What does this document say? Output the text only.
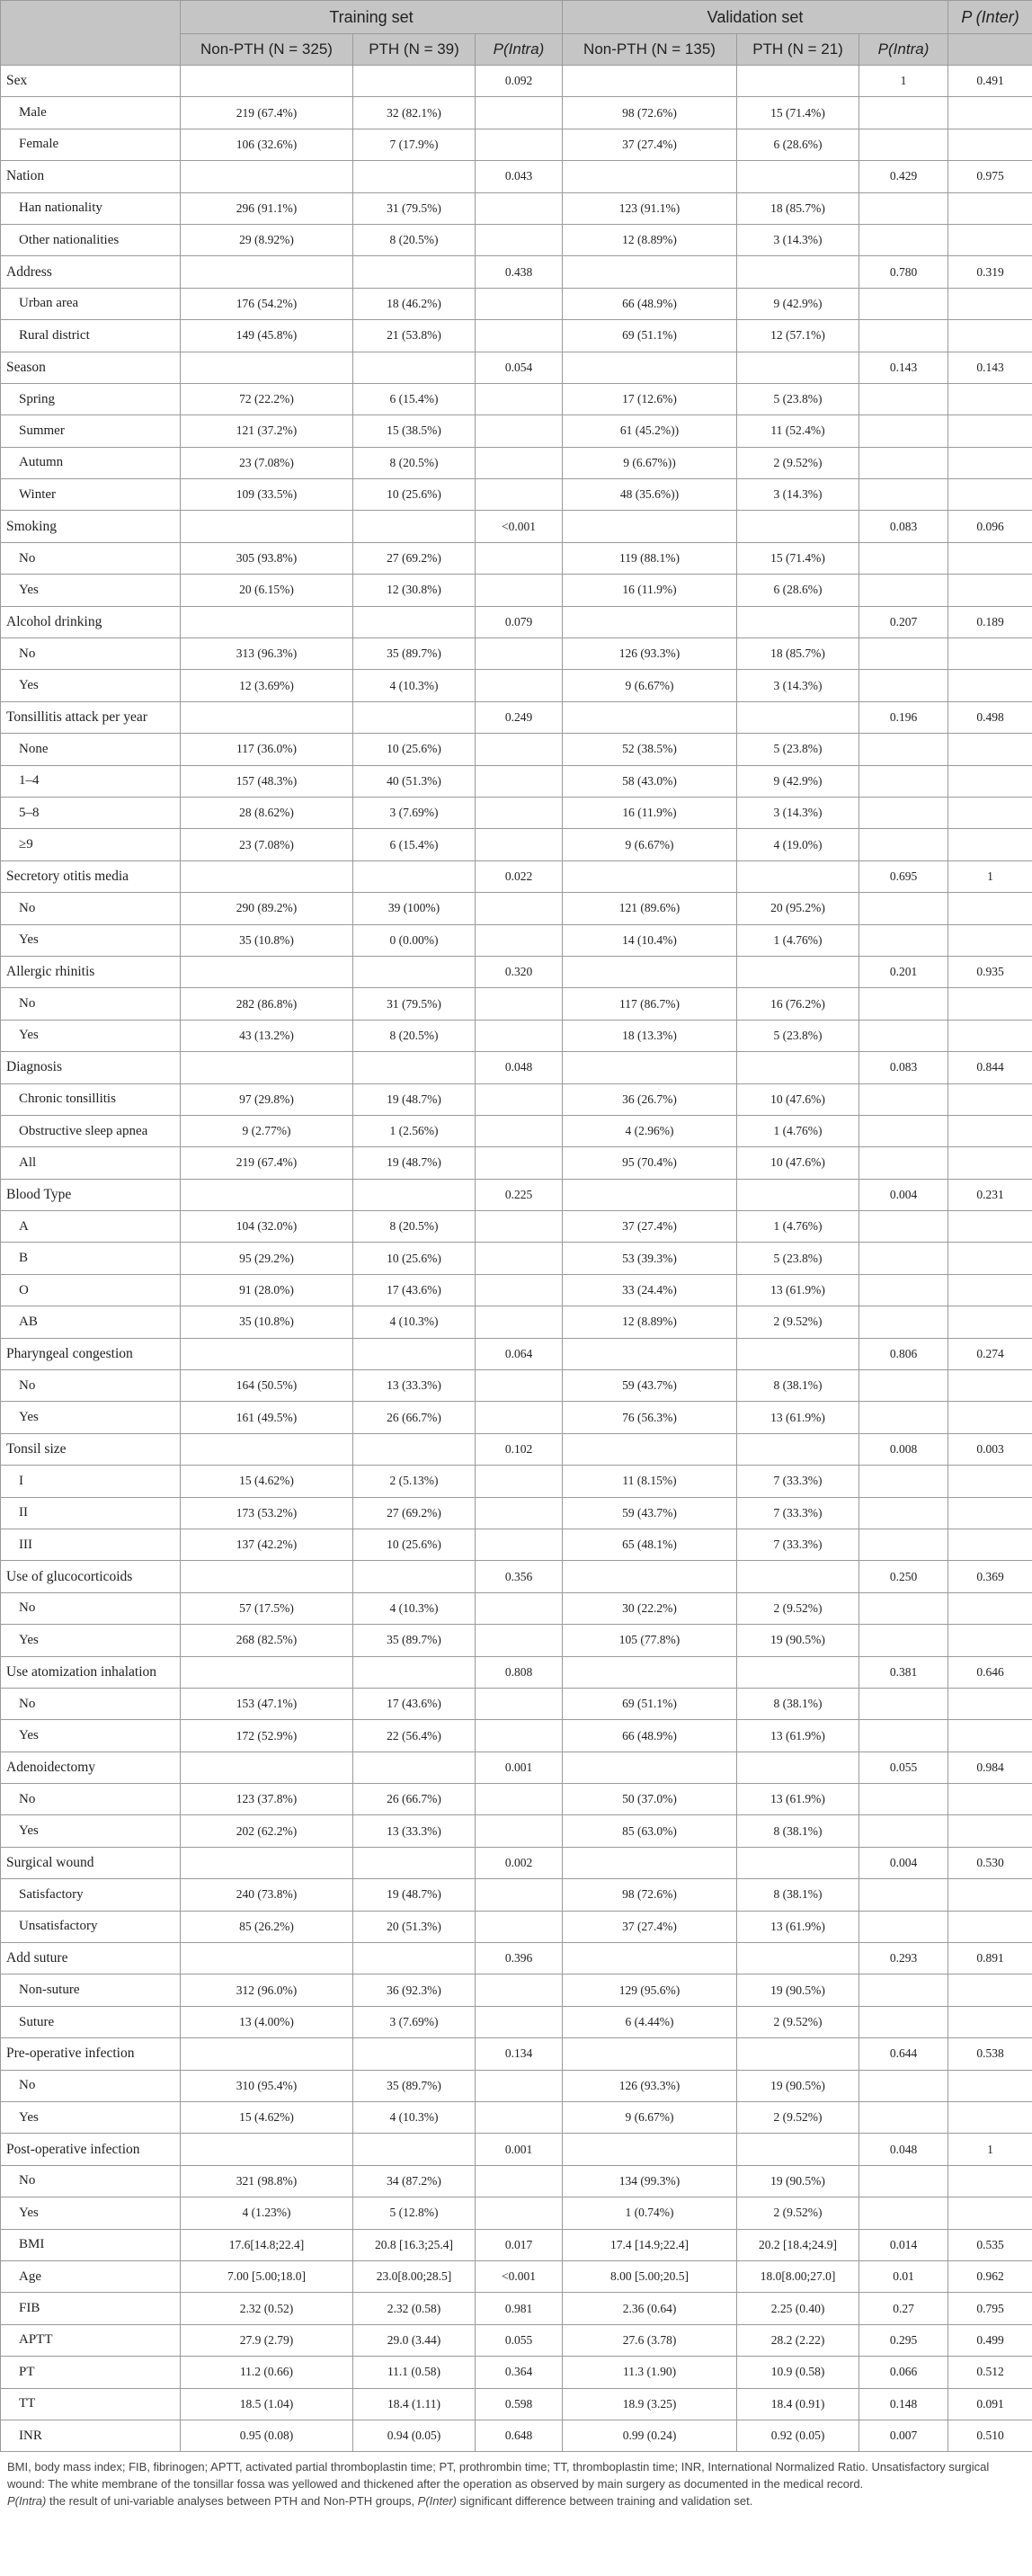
	Training set			Validation set			P (Inter)
	Non-PTH (N = 325)	PTH (N = 39)	P(Intra)	Non-PTH (N = 135)	PTH (N = 21)	P(Intra)	
Sex			0.092			1	0.491
Male	219 (67.4%)	32 (82.1%)		98 (72.6%)	15 (71.4%)		
Female	106 (32.6%)	7 (17.9%)		37 (27.4%)	6 (28.6%)		
Nation			0.043			0.429	0.975
Han nationality	296 (91.1%)	31 (79.5%)		123 (91.1%)	18 (85.7%)		
Other nationalities	29 (8.92%)	8 (20.5%)		12 (8.89%)	3 (14.3%)		
Address			0.438			0.780	0.319
Urban area	176 (54.2%)	18 (46.2%)		66 (48.9%)	9 (42.9%)		
Rural district	149 (45.8%)	21 (53.8%)		69 (51.1%)	12 (57.1%)		
Season			0.054			0.143	0.143
Spring	72 (22.2%)	6 (15.4%)		17 (12.6%)	5 (23.8%)		
Summer	121 (37.2%)	15 (38.5%)		61 (45.2%))	11 (52.4%)		
Autumn	23 (7.08%)	8 (20.5%)		9 (6.67%))	2 (9.52%)		
Winter	109 (33.5%)	10 (25.6%)		48 (35.6%))	3 (14.3%)		
Smoking			<0.001			0.083	0.096
No	305 (93.8%)	27 (69.2%)		119 (88.1%)	15 (71.4%)		
Yes	20 (6.15%)	12 (30.8%)		16 (11.9%)	6 (28.6%)		
Alcohol drinking			0.079			0.207	0.189
No	313 (96.3%)	35 (89.7%)		126 (93.3%)	18 (85.7%)		
Yes	12 (3.69%)	4 (10.3%)		9 (6.67%)	3 (14.3%)		
Tonsillitis attack per year			0.249			0.196	0.498
None	117 (36.0%)	10 (25.6%)		52 (38.5%)	5 (23.8%)		
1–4	157 (48.3%)	40 (51.3%)		58 (43.0%)	9 (42.9%)		
5–8	28 (8.62%)	3 (7.69%)		16 (11.9%)	3 (14.3%)		
≥9	23 (7.08%)	6 (15.4%)		9 (6.67%)	4 (19.0%)		
Secretory otitis media			0.022			0.695	1
No	290 (89.2%)	39 (100%)		121 (89.6%)	20 (95.2%)		
Yes	35 (10.8%)	0 (0.00%)		14 (10.4%)	1 (4.76%)		
Allergic rhinitis			0.320			0.201	0.935
No	282 (86.8%)	31 (79.5%)		117 (86.7%)	16 (76.2%)		
Yes	43 (13.2%)	8 (20.5%)		18 (13.3%)	5 (23.8%)		
Diagnosis			0.048			0.083	0.844
Chronic tonsillitis	97 (29.8%)	19 (48.7%)		36 (26.7%)	10 (47.6%)		
Obstructive sleep apnea	9 (2.77%)	1 (2.56%)		4 (2.96%)	1 (4.76%)		
All	219 (67.4%)	19 (48.7%)		95 (70.4%)	10 (47.6%)		
Blood Type			0.225			0.004	0.231
A	104 (32.0%)	8 (20.5%)		37 (27.4%)	1 (4.76%)		
B	95 (29.2%)	10 (25.6%)		53 (39.3%)	5 (23.8%)		
O	91 (28.0%)	17 (43.6%)		33 (24.4%)	13 (61.9%)		
AB	35 (10.8%)	4 (10.3%)		12 (8.89%)	2 (9.52%)		
Pharyngeal congestion			0.064			0.806	0.274
No	164 (50.5%)	13 (33.3%)		59 (43.7%)	8 (38.1%)		
Yes	161 (49.5%)	26 (66.7%)		76 (56.3%)	13 (61.9%)		
Tonsil size			0.102			0.008	0.003
I	15 (4.62%)	2 (5.13%)		11 (8.15%)	7 (33.3%)		
II	173 (53.2%)	27 (69.2%)		59 (43.7%)	7 (33.3%)		
III	137 (42.2%)	10 (25.6%)		65 (48.1%)	7 (33.3%)		
Use of glucocorticoids			0.356			0.250	0.369
No	57 (17.5%)	4 (10.3%)		30 (22.2%)	2 (9.52%)		
Yes	268 (82.5%)	35 (89.7%)		105 (77.8%)	19 (90.5%)		
Use atomization inhalation			0.808			0.381	0.646
No	153 (47.1%)	17 (43.6%)		69 (51.1%)	8 (38.1%)		
Yes	172 (52.9%)	22 (56.4%)		66 (48.9%)	13 (61.9%)		
Adenoidectomy			0.001			0.055	0.984
No	123 (37.8%)	26 (66.7%)		50 (37.0%)	13 (61.9%)		
Yes	202 (62.2%)	13 (33.3%)		85 (63.0%)	8 (38.1%)		
Surgical wound			0.002			0.004	0.530
Satisfactory	240 (73.8%)	19 (48.7%)		98 (72.6%)	8 (38.1%)		
Unsatisfactory	85 (26.2%)	20 (51.3%)		37 (27.4%)	13 (61.9%)		
Add suture			0.396			0.293	0.891
Non-suture	312 (96.0%)	36 (92.3%)		129 (95.6%)	19 (90.5%)		
Suture	13 (4.00%)	3 (7.69%)		6 (4.44%)	2 (9.52%)		
Pre-operative infection			0.134			0.644	0.538
No	310 (95.4%)	35 (89.7%)		126 (93.3%)	19 (90.5%)		
Yes	15 (4.62%)	4 (10.3%)		9 (6.67%)	2 (9.52%)		
Post-operative infection			0.001			0.048	1
No	321 (98.8%)	34 (87.2%)		134 (99.3%)	19 (90.5%)		
Yes	4 (1.23%)	5 (12.8%)		1 (0.74%)	2 (9.52%)		
BMI	17.6[14.8;22.4]	20.8 [16.3;25.4]	0.017	17.4 [14.9;22.4]	20.2 [18.4;24.9]	0.014	0.535
Age	7.00 [5.00;18.0]	23.0[8.00;28.5]	<0.001	8.00 [5.00;20.5]	18.0[8.00;27.0]	0.01	0.962
FIB	2.32 (0.52)	2.32 (0.58)	0.981	2.36 (0.64)	2.25 (0.40)	0.27	0.795
APTT	27.9 (2.79)	29.0 (3.44)	0.055	27.6 (3.78)	28.2 (2.22)	0.295	0.499
PT	11.2 (0.66)	11.1 (0.58)	0.364	11.3 (1.90)	10.9 (0.58)	0.066	0.512
TT	18.5 (1.04)	18.4 (1.11)	0.598	18.9 (3.25)	18.4 (0.91)	0.148	0.091
INR	0.95 (0.08)	0.94 (0.05)	0.648	0.99 (0.24)	0.92 (0.05)	0.007	0.510

BMI, body mass index; FIB, fibrinogen; APTT, activated partial thromboplastin time; PT, prothrombin time; TT, thromboplastin time; INR, International Normalized Ratio. Unsatisfactory surgical wound: The white membrane of the tonsillar fossa was yellowed and thickened after the operation as observed by main surgery as documented in the medical record.

P(Intra) the result of uni-variable analyses between PTH and Non-PTH groups, P(Inter) significant difference between training and validation set.
